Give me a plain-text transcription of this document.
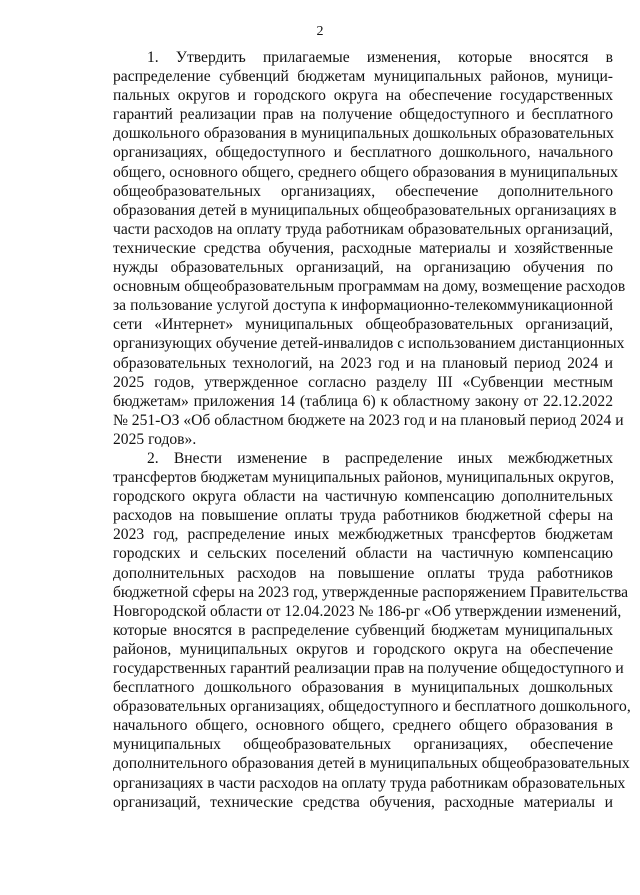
2
1. Утвердить прилагаемые изменения, которые вносятся в
распределение субвенций бюджетам муниципальных районов, муници-
пальных округов и городского округа на обеспечение государственных
гарантий реализации прав на получение общедоступного и бесплатного
дошкольного образования в муниципальных дошкольных образовательных
организациях, общедоступного и бесплатного дошкольного, начального
общего, основного общего, среднего общего образования в муниципальных
общеобразовательных организациях, обеспечение дополнительного
образования детей в муниципальных общеобразовательных организациях в
части расходов на оплату труда работникам образовательных организаций,
технические средства обучения, расходные материалы и хозяйственные
нужды образовательных организаций, на организацию обучения по
основным общеобразовательным программам на дому, возмещение расходов
за пользование услугой доступа к информационно-телекоммуникационной
сети «Интернет» муниципальных общеобразовательных организаций,
организующих обучение детей-инвалидов с использованием дистанционных
образовательных технологий, на 2023 год и на плановый период 2024 и
2025 годов, утвержденное согласно разделу III «Субвенции местным
бюджетам» приложения 14 (таблица 6) к областному закону от 22.12.2022
№ 251-ОЗ «Об областном бюджете на 2023 год и на плановый период 2024 и
2025 годов».
2. Внести изменение в распределение иных межбюджетных
трансфертов бюджетам муниципальных районов, муниципальных округов,
городского округа области на частичную компенсацию дополнительных
расходов на повышение оплаты труда работников бюджетной сферы на
2023 год, распределение иных межбюджетных трансфертов бюджетам
городских и сельских поселений области на частичную компенсацию
дополнительных расходов на повышение оплаты труда работников
бюджетной сферы на 2023 год, утвержденные распоряжением Правительства
Новгородской области от 12.04.2023 № 186-рг «Об утверждении изменений,
которые вносятся в распределение субвенций бюджетам муниципальных
районов, муниципальных округов и городского округа на обеспечение
государственных гарантий реализации прав на получение общедоступного и
бесплатного дошкольного образования в муниципальных дошкольных
образовательных организациях, общедоступного и бесплатного дошкольного,
начального общего, основного общего, среднего общего образования в
муниципальных общеобразовательных организациях, обеспечение
дополнительного образования детей в муниципальных общеобразовательных
организациях в части расходов на оплату труда работникам образовательных
организаций, технические средства обучения, расходные материалы и
